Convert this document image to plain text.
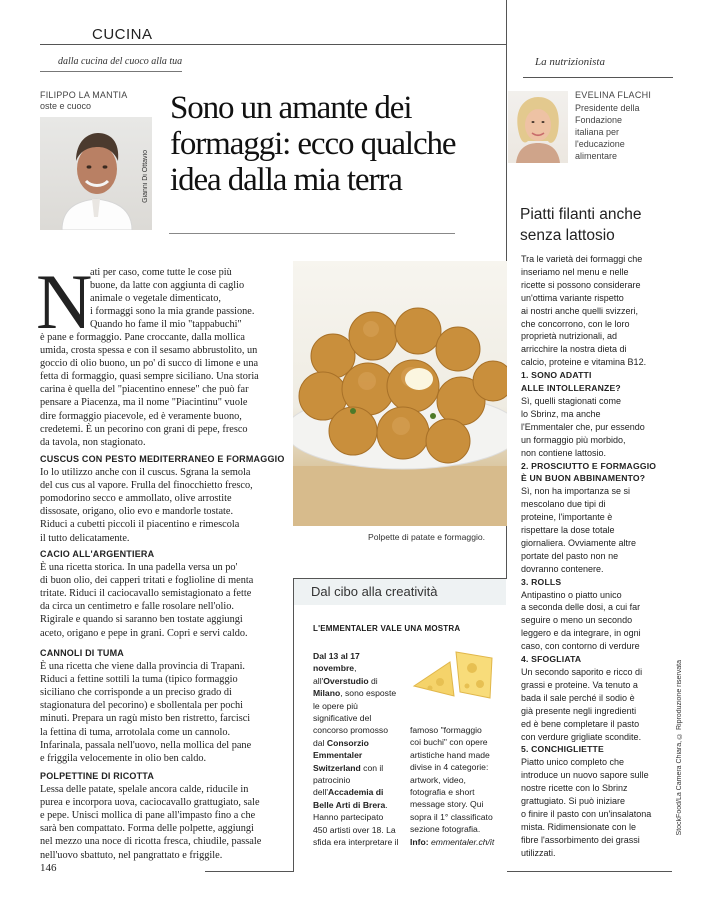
CUCINA
dalla cucina del cuoco alla tua
FILIPPO LA MANTIA
oste e cuoco
Gianni Di Ottavio
Sono un amante dei formaggi: ecco qualche idea dalla mia terra
N
ati per caso, come tutte le cose più
buone, da latte con aggiunta di caglio
animale o vegetale dimenticato,
i formaggi sono la mia grande passione.
Quando ho fame il mio "tappabuchi"
è pane e formaggio. Pane croccante, dalla mollica
umida, crosta spessa e con il sesamo abbrustolito, un
goccio di olio buono, un po' di succo di limone e una
fetta di formaggio, quasi sempre siciliano. Una storia
carina è quella del "piacentino ennese" che può far
pensare a Piacenza, ma il nome "Piacintinu" vuole
dire formaggio piacevole, ed è veramente buono,
credetemi. È un pecorino con grani di pepe, fresco
da tavola, non stagionato.
CUSCUS CON PESTO MEDITERRANEO E FORMAGGIO
Io lo utilizzo anche con il cuscus. Sgrana la semola
del cus cus al vapore. Frulla del finocchietto fresco,
pomodorino secco e ammollato, olive arrostite
dissosate, origano, olio evo e mandorle tostate.
Riduci a cubetti piccoli il piacentino e rimescola
il tutto delicatamente.
CACIO ALL'ARGENTIERA
È una ricetta storica. In una padella versa un po'
di buon olio, dei capperi tritati e foglioline di menta
tritate. Riduci il caciocavallo semistagionato a fette
da circa un centimetro e falle rosolare nell'olio.
Rigirale e quando si saranno ben tostate aggiungi
aceto, origano e pepe in grani. Copri e servi caldo.
CANNOLI DI TUMA
È una ricetta che viene dalla provincia di Trapani.
Riduci a fettine sottili la tuma (tipico formaggio
siciliano che corrisponde a un preciso grado di
stagionatura del pecorino) e sbollentala per pochi
minuti. Prepara un ragù misto ben ristretto, farcisci
la fettina di tuma, arrotolala come un cannolo.
Infarinala, passala nell'uovo, nella mollica del pane
e friggila velocemente in olio ben caldo.
POLPETTINE DI RICOTTA
Lessa delle patate, spelale ancora calde, riducile in
purea e incorpora uova, caciocavallo grattugiato, sale
e pepe. Unisci mollica di pane all'impasto fino a che
sarà ben compattato. Forma delle polpette, aggiungi
nel mezzo una noce di ricotta fresca, chiudile, passale
nell'uovo sbattuto, nel pangrattato e friggile.
Polpette di patate e formaggio.
Dal cibo alla creatività
L'EMMENTALER VALE UNA MOSTRA
Dal 13 al 17
novembre,
all'Overstudio di
Milano, sono esposte
le opere più
significative del
concorso promosso
dal Consorzio
Emmentaler
Switzerland con il
patrocinio
dell'Accademia di
Belle Arti di Brera.
Hanno partecipato
450 artisti over 18. La
sfida era interpretare il
famoso "formaggio
coi buchi" con opere
artistiche hand made
divise in 4 categorie:
artwork, video,
fotografia e short
message story. Qui
sopra il 1° classificato
sezione fotografia.
Info: emmentaler.ch/it
La nutrizionista
EVELINA FLACHI
Presidente della
Fondazione
italiana per
l'educazione
alimentare
Piatti filanti anche
senza lattosio
Tra le varietà dei formaggi che
inseriamo nel menu e nelle
ricette si possono considerare
un'ottima variante rispetto
ai nostri anche quelli svizzeri,
che concorrono, con le loro
proprietà nutrizionali, ad
arricchire la nostra dieta di
calcio, proteine e vitamina B12.
1. SONO ADATTI
ALLE INTOLLERANZE?
Sì, quelli stagionati come
lo Sbrinz, ma anche
l'Emmentaler che, pur essendo
un formaggio più morbido,
non contiene lattosio.
2. PROSCIUTTO E FORMAGGIO
È UN BUON ABBINAMENTO?
Sì, non ha importanza se si
mescolano due tipi di
proteine, l'importante è
rispettare la dose totale
giornaliera. Ovviamente altre
portate del pasto non ne
dovranno contenere.
3. ROLLS
Antipastino o piatto unico
a seconda delle dosi, a cui far
seguire o meno un secondo
leggero e da integrare, in ogni
caso, con contorno di verdure
4. SFOGLIATA
Un secondo saporito e ricco di
grassi e proteine. Va tenuto a
bada il sale perché il sodio è
già presente negli ingredienti
ed è bene completare il pasto
con verdure grigliate scondite.
5. CONCHIGLIETTE
Piatto unico completo che
introduce un nuovo sapore sulle
nostre ricette con lo Sbrinz
grattugiato. Si può iniziare
o finire il pasto con un'insalatona
mista. Ridimensionate con le
fibre l'assorbimento dei grassi
utilizzati.
StockFood/La Camera Chiara, © Riproduzione riservata
146
